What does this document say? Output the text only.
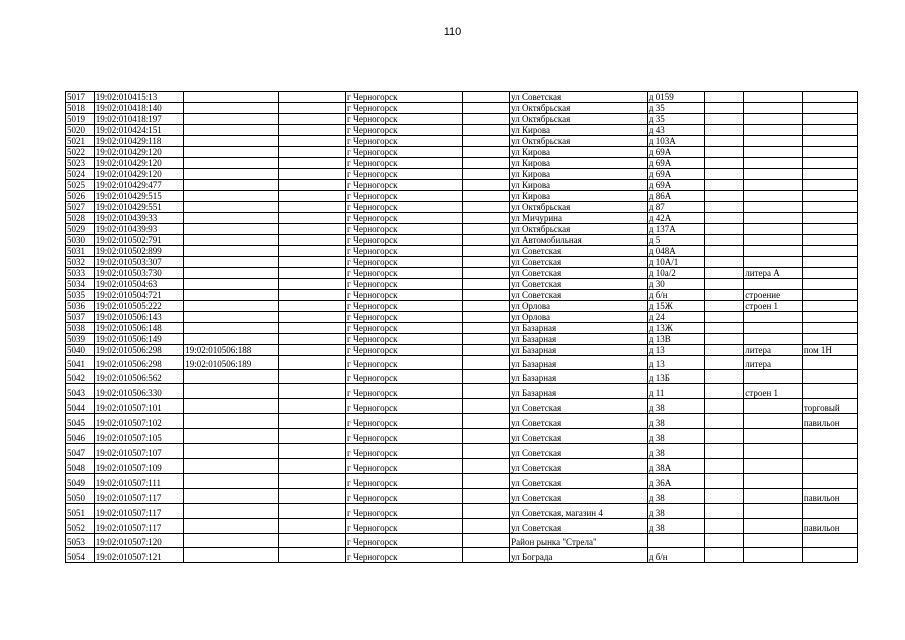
110
5017	19:02:010415:13			г Черногорск		ул Советская	д 0159			
5018	19:02:010418:140			г Черногорск		ул Октябрьская	д 35			
5019	19:02:010418:197			г Черногорск		ул Октябрьская	д 35			
5020	19:02:010424:151			г Черногорск		ул Кирова	д 43			
5021	19:02:010429:118			г Черногорск		ул Октябрьская	д 103А			
5022	19:02:010429:120			г Черногорск		ул Кирова	д 69А			
5023	19:02:010429:120			г Черногорск		ул Кирова	д 69А			
5024	19:02:010429:120			г Черногорск		ул Кирова	д 69А			
5025	19:02:010429:477			г Черногорск		ул Кирова	д 69А			
5026	19:02:010429:515			г Черногорск		ул Кирова	д 86А			
5027	19:02:010429:551			г Черногорск		ул Октябрьская	д 87			
5028	19:02:010439:33			г Черногорск		ул Мичурина	д 42А			
5029	19:02:010439:93			г Черногорск		ул Октябрьская	д 137А			
5030	19:02:010502:791			г Черногорск		ул Автомобильная	д 5			
5031	19:02:010502:899			г Черногорск		ул Советская	д 048А			
5032	19:02:010503:307			г Черногорск		ул Советская	д 10А/1			
5033	19:02:010503:730			г Черногорск		ул Советская	д 10а/2		литера А	
5034	19:02:010504:63			г Черногорск		ул Советская	д 30			
5035	19:02:010504:721			г Черногорск		ул Советская	д б/н		строение	
5036	19:02:010505:222			г Черногорск		ул Орлова	д 15Ж		строен 1	
5037	19:02:010506:143			г Черногорск		ул Орлова	д 24			
5038	19:02:010506:148			г Черногорск		ул Базарная	д 13Ж			
5039	19:02:010506:149			г Черногорск		ул Базарная	д 13В			
5040	19:02:010506:298	19:02:010506:188		г Черногорск		ул Базарная	д 13		литера	пом 1Н
5041	19:02:010506:298	19:02:010506:189		г Черногорск		ул Базарная	д 13		литера	
5042	19:02:010506:562			г Черногорск		ул Базарная	д 13Б			
5043	19:02:010506:330			г Черногорск		ул Базарная	д 11		строен 1	
5044	19:02:010507:101			г Черногорск		ул Советская	д 38			торговый
5045	19:02:010507:102			г Черногорск		ул Советская	д 38			павильон
5046	19:02:010507:105			г Черногорск		ул Советская	д 38			
5047	19:02:010507:107			г Черногорск		ул Советская	д 38			
5048	19:02:010507:109			г Черногорск		ул Советская	д 38А			
5049	19:02:010507:111			г Черногорск		ул Советская	д 36А			
5050	19:02:010507:117			г Черногорск		ул Советская	д 38			павильон
5051	19:02:010507:117			г Черногорск		ул Советская, магазин 4	д 38			
5052	19:02:010507:117			г Черногорск		ул Советская	д 38			павильон
5053	19:02:010507:120			г Черногорск		Район рынка "Стрела"				
5054	19:02:010507:121			г Черногорск		ул Бограда	д б/н			
